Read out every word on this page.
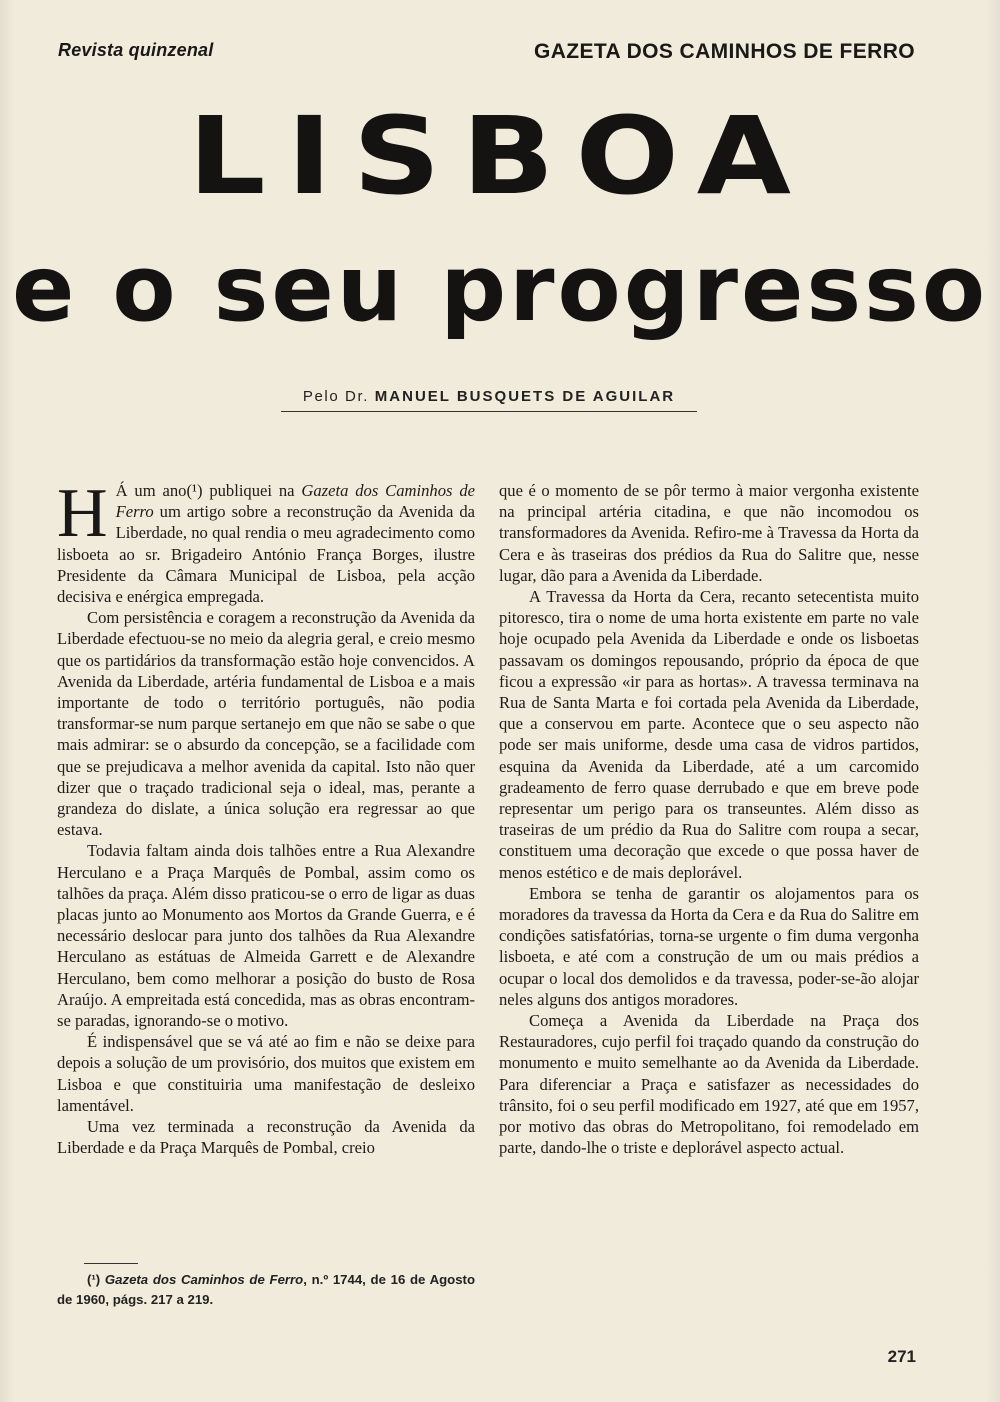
Revista quinzenal	GAZETA DOS CAMINHOS DE FERRO
LISBOA
e o seu progresso
Pelo Dr. MANUEL BUSQUETS DE AGUILAR

H Á um ano(¹) publiquei na Gazeta dos Caminhos de Ferro um artigo sobre a reconstrução da Avenida da Liberdade, no qual rendia o meu agradecimento como lisboeta ao sr. Brigadeiro António França Borges, ilustre Presidente da Câmara Municipal de Lisboa, pela acção decisiva e enérgica empregada.

Com persistência e coragem a reconstrução da Avenida da Liberdade efectuou-se no meio da alegria geral, e creio mesmo que os partidários da transformação estão hoje convencidos. A Avenida da Liberdade, artéria fundamental de Lisboa e a mais importante de todo o território português, não podia transformar-se num parque sertanejo em que não se sabe o que mais admirar: se o absurdo da concepção, se a facilidade com que se prejudicava a melhor avenida da capital. Isto não quer dizer que o traçado tradicional seja o ideal, mas, perante a grandeza do dislate, a única solução era regressar ao que estava.

Todavia faltam ainda dois talhões entre a Rua Alexandre Herculano e a Praça Marquês de Pombal, assim como os talhões da praça. Além disso praticou-se o erro de ligar as duas placas junto ao Monumento aos Mortos da Grande Guerra, e é necessário deslocar para junto dos talhões da Rua Alexandre Herculano as estátuas de Almeida Garrett e de Alexandre Herculano, bem como melhorar a posição do busto de Rosa Araújo. A empreitada está concedida, mas as obras encontram-se paradas, ignorando-se o motivo.

É indispensável que se vá até ao fim e não se deixe para depois a solução de um provisório, dos muitos que existem em Lisboa e que constituiria uma manifestação de desleixo lamentável.

Uma vez terminada a reconstrução da Avenida da Liberdade e da Praça Marquês de Pombal, creio

que é o momento de se pôr termo à maior vergonha existente na principal artéria citadina, e que não incomodou os transformadores da Avenida. Refiro-me à Travessa da Horta da Cera e às traseiras dos prédios da Rua do Salitre que, nesse lugar, dão para a Avenida da Liberdade.

A Travessa da Horta da Cera, recanto setecentista muito pitoresco, tira o nome de uma horta existente em parte no vale hoje ocupado pela Avenida da Liberdade e onde os lisboetas passavam os domingos repousando, próprio da época de que ficou a expressão «ir para as hortas». A travessa terminava na Rua de Santa Marta e foi cortada pela Avenida da Liberdade, que a conservou em parte. Acontece que o seu aspecto não pode ser mais uniforme, desde uma casa de vidros partidos, esquina da Avenida da Liberdade, até a um carcomido gradeamento de ferro quase derrubado e que em breve pode representar um perigo para os transeuntes. Além disso as traseiras de um prédio da Rua do Salitre com roupa a secar, constituem uma decoração que excede o que possa haver de menos estético e de mais deplorável.

Embora se tenha de garantir os alojamentos para os moradores da travessa da Horta da Cera e da Rua do Salitre em condições satisfatórias, torna-se urgente o fim duma vergonha lisboeta, e até com a construção de um ou mais prédios a ocupar o local dos demolidos e da travessa, poder-se-ão alojar neles alguns dos antigos moradores.

Começa a Avenida da Liberdade na Praça dos Restauradores, cujo perfil foi traçado quando da construção do monumento e muito semelhante ao da Avenida da Liberdade. Para diferenciar a Praça e satisfazer as necessidades do trânsito, foi o seu perfil modificado em 1927, até que em 1957, por motivo das obras do Metropolitano, foi remodelado em parte, dando-lhe o triste e deplorável aspecto actual.

(¹) Gazeta dos Caminhos de Ferro, n.º 1744, de 16 de Agosto de 1960, págs. 217 a 219.
271
